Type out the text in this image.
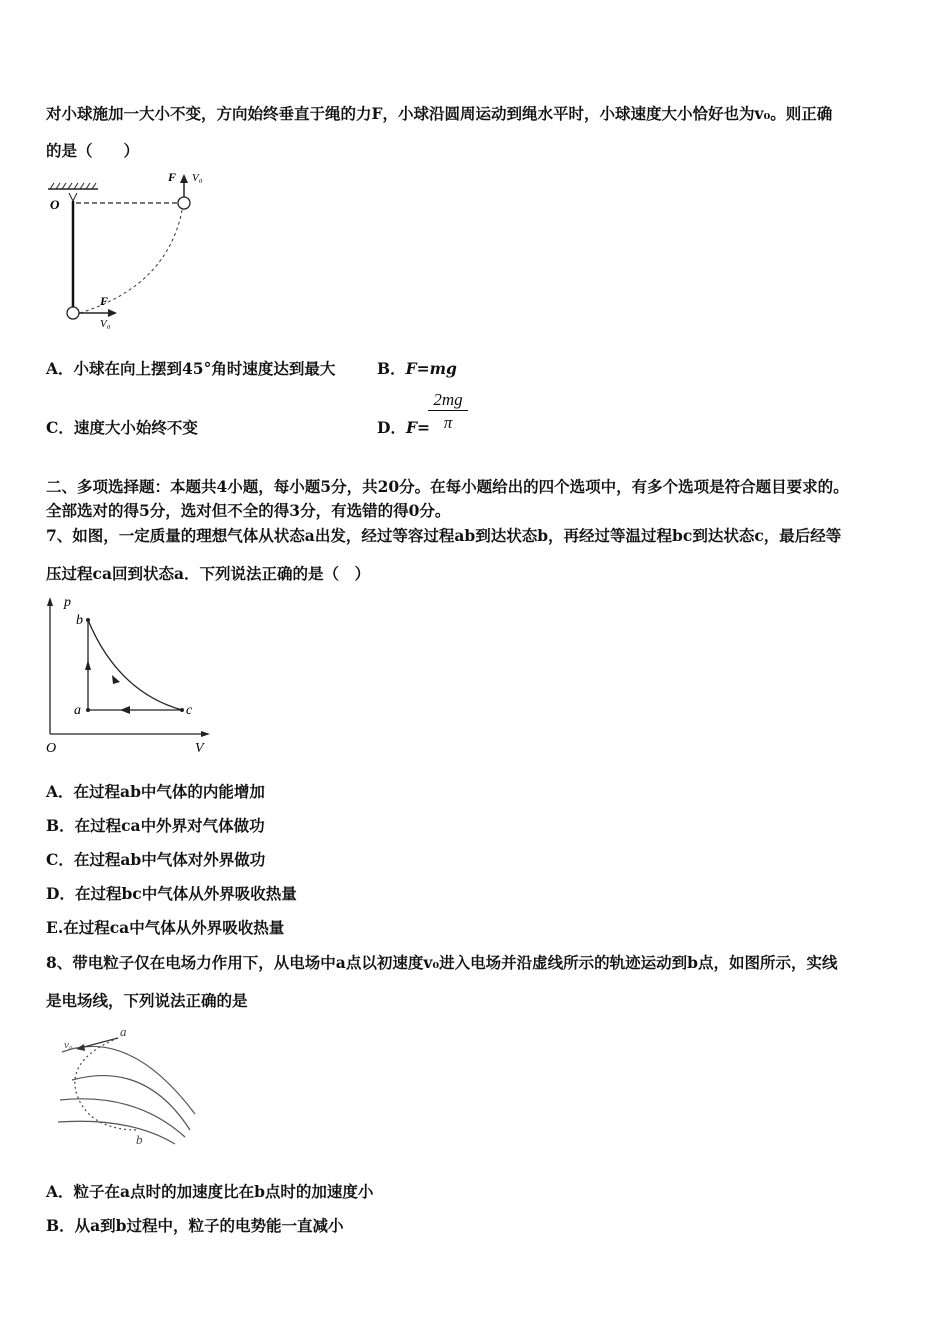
对小球施加一大小不变，方向始终垂直于绳的力F，小球沿圆周运动到绳水平时，小球速度大小恰好也为v₀。则正确
的是（　　）
O
F V₀
F
V₀
A．小球在向上摆到45°角时速度达到最大	B．F=mg
C．速度大小始终不变	D．F=
$\frac{2mg}{\pi}$
二、多项选择题：本题共4小题，每小题5分，共20分。在每小题给出的四个选项中，有多个选项是符合题目要求的。
全部选对的得5分，选对但不全的得3分，有选错的得0分。
7、如图，一定质量的理想气体从状态a出发，经过等容过程ab到达状态b，再经过等温过程bc到达状态c，最后经等
压过程ca回到状态a．下列说法正确的是（　）
p
V
O
a
b
c
A．在过程ab中气体的内能增加
B．在过程ca中外界对气体做功
C．在过程ab中气体对外界做功
D．在过程bc中气体从外界吸收热量
E.在过程ca中气体从外界吸收热量
8、带电粒子仅在电场力作用下，从电场中a点以初速度v₀进入电场并沿虚线所示的轨迹运动到b点，如图所示，实线
是电场线，下列说法正确的是
a
b
v₀
A．粒子在a点时的加速度比在b点时的加速度小
B．从a到b过程中，粒子的电势能一直减小
